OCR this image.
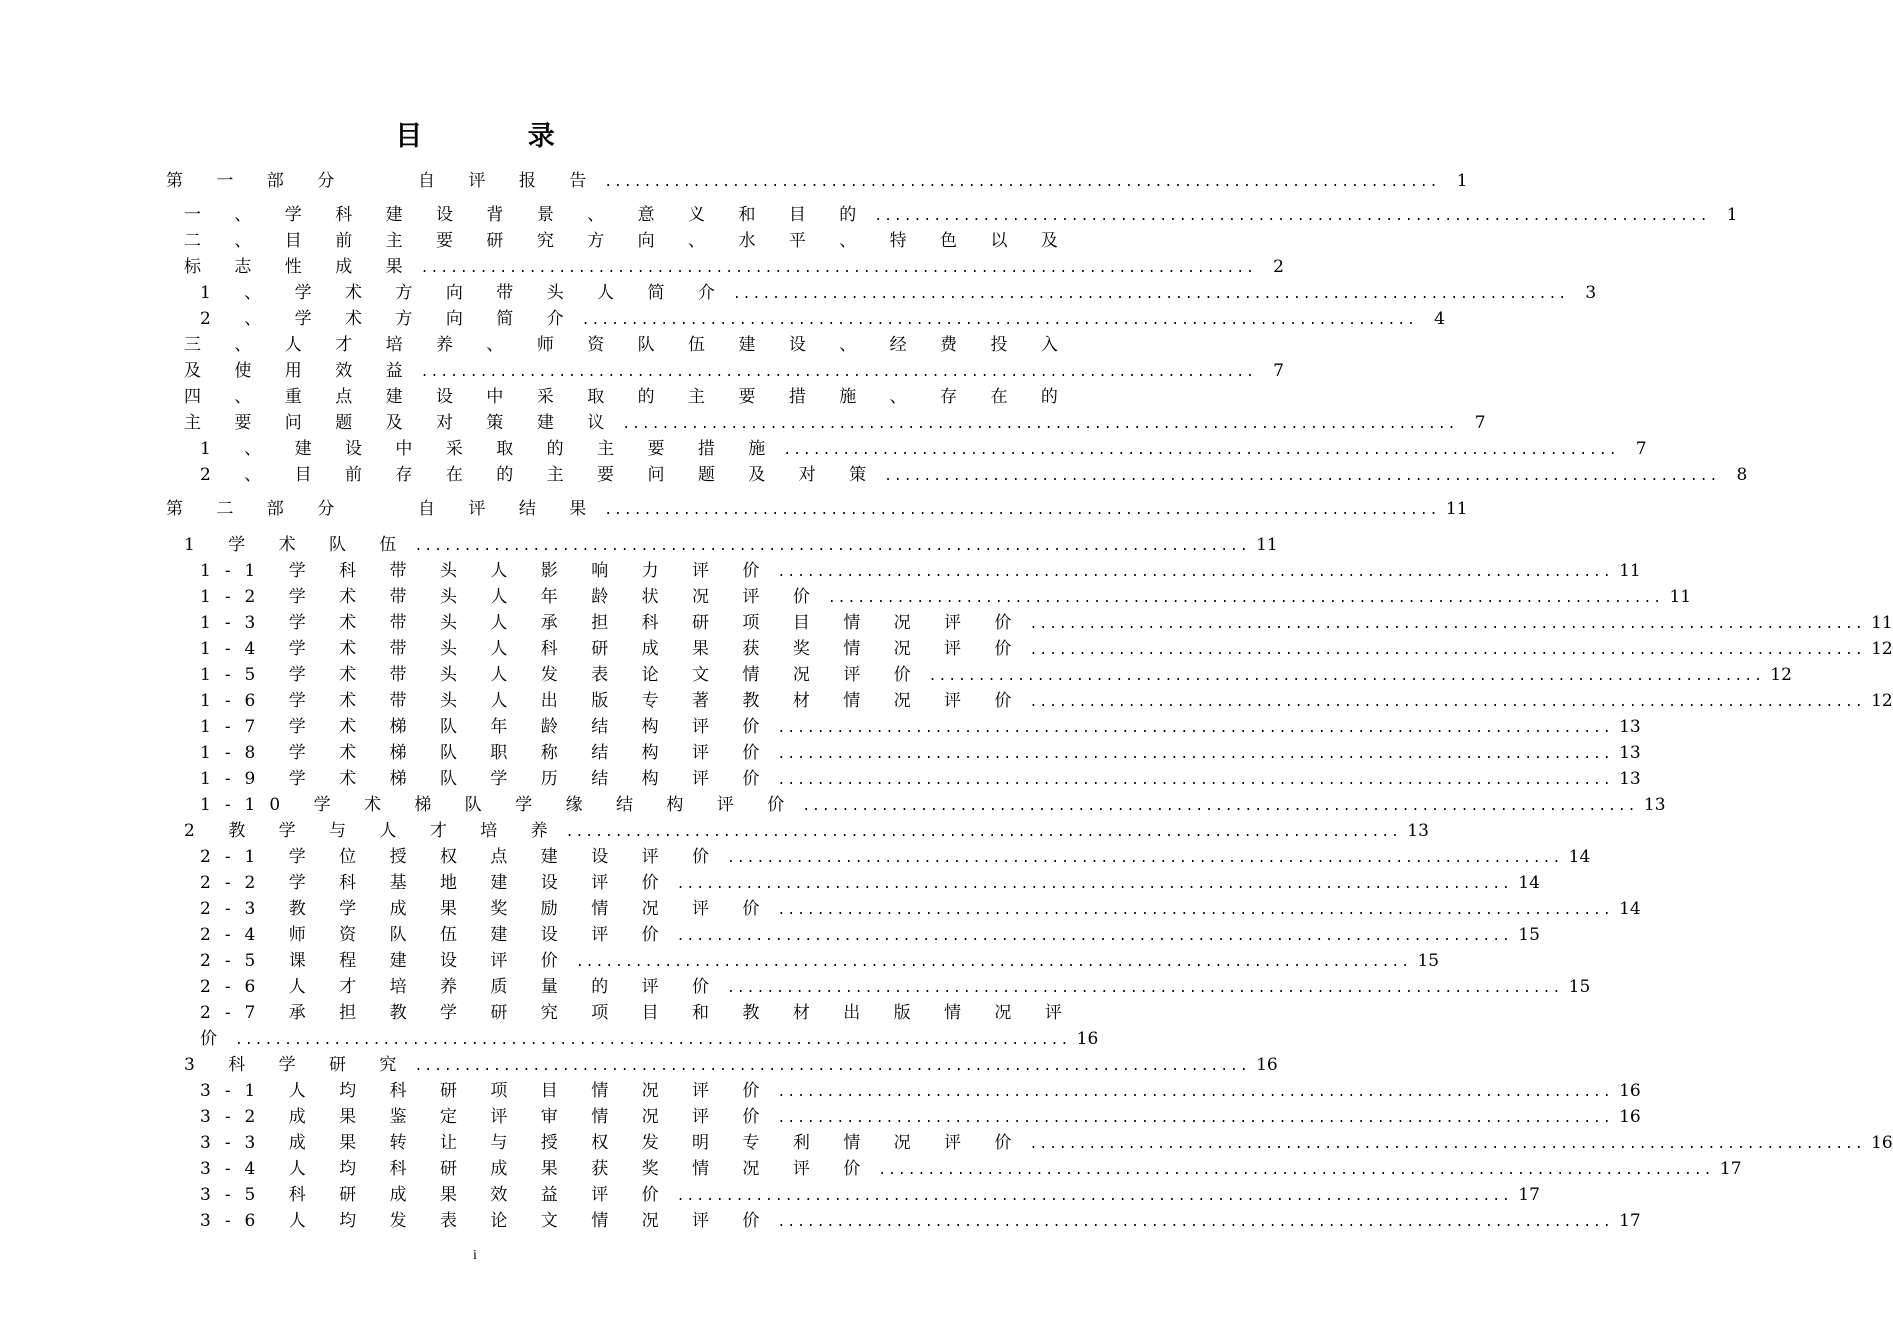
目 录
第 一 部 分 　 自 评 报 告 .....................................................................................	1
一 、 学 科 建 设 背 景 、 意 义 和 目 的 .....................................................................................	1
二 、 目 前 主 要 研 究 方 向 、 水 平 、 特 色 以 及
标 志 性 成 果 .....................................................................................	2
1 、 学 术 方 向 带 头 人 简 介 .....................................................................................	3
2 、 学 术 方 向 简 介 .....................................................................................	4
三 、 人 才 培 养 、 师 资 队 伍 建 设 、 经 费 投 入
及 使 用 效 益 .....................................................................................	7
四 、 重 点 建 设 中 采 取 的 主 要 措 施 、 存 在 的
主 要 问 题 及 对 策 建 议 .....................................................................................	7
1 、 建 设 中 采 取 的 主 要 措 施 .....................................................................................	7
2 、 目 前 存 在 的 主 要 问 题 及 对 策 .....................................................................................	8
第 二 部 分 　 自 评 结 果 ..................................................................................... 11
1 学 术 队 伍 ..................................................................................... 11
1-1 学 科 带 头 人 影 响 力 评 价 ..................................................................................... 11
1-2 学 术 带 头 人 年 龄 状 况 评 价 ..................................................................................... 11
1-3 学 术 带 头 人 承 担 科 研 项 目 情 况 评 价 ..................................................................................... 11
1-4 学 术 带 头 人 科 研 成 果 获 奖 情 况 评 价 ..................................................................................... 12
1-5 学 术 带 头 人 发 表 论 文 情 况 评 价 ..................................................................................... 12
1-6 学 术 带 头 人 出 版 专 著 教 材 情 况 评 价 ..................................................................................... 12
1-7 学 术 梯 队 年 龄 结 构 评 价 ..................................................................................... 13
1-8 学 术 梯 队 职 称 结 构 评 价 ..................................................................................... 13
1-9 学 术 梯 队 学 历 结 构 评 价 ..................................................................................... 13
1-10 学 术 梯 队 学 缘 结 构 评 价 ..................................................................................... 13
2 教 学 与 人 才 培 养 ..................................................................................... 13
2-1 学 位 授 权 点 建 设 评 价 ..................................................................................... 14
2-2 学 科 基 地 建 设 评 价 ..................................................................................... 14
2-3 教 学 成 果 奖 励 情 况 评 价 ..................................................................................... 14
2-4 师 资 队 伍 建 设 评 价 ..................................................................................... 15
2-5 课 程 建 设 评 价 ..................................................................................... 15
2-6 人 才 培 养 质 量 的 评 价 ..................................................................................... 15
2-7 承 担 教 学 研 究 项 目 和 教 材 出 版 情 况 评
价 ..................................................................................... 16
3 科 学 研 究 ..................................................................................... 16
3-1 人 均 科 研 项 目 情 况 评 价 ..................................................................................... 16
3-2 成 果 鉴 定 评 审 情 况 评 价 ..................................................................................... 16
3-3 成 果 转 让 与 授 权 发 明 专 利 情 况 评 价 ..................................................................................... 16
3-4 人 均 科 研 成 果 获 奖 情 况 评 价 ..................................................................................... 17
3-5 科 研 成 果 效 益 评 价 ..................................................................................... 17
3-6 人 均 发 表 论 文 情 况 评 价 ..................................................................................... 17
i
